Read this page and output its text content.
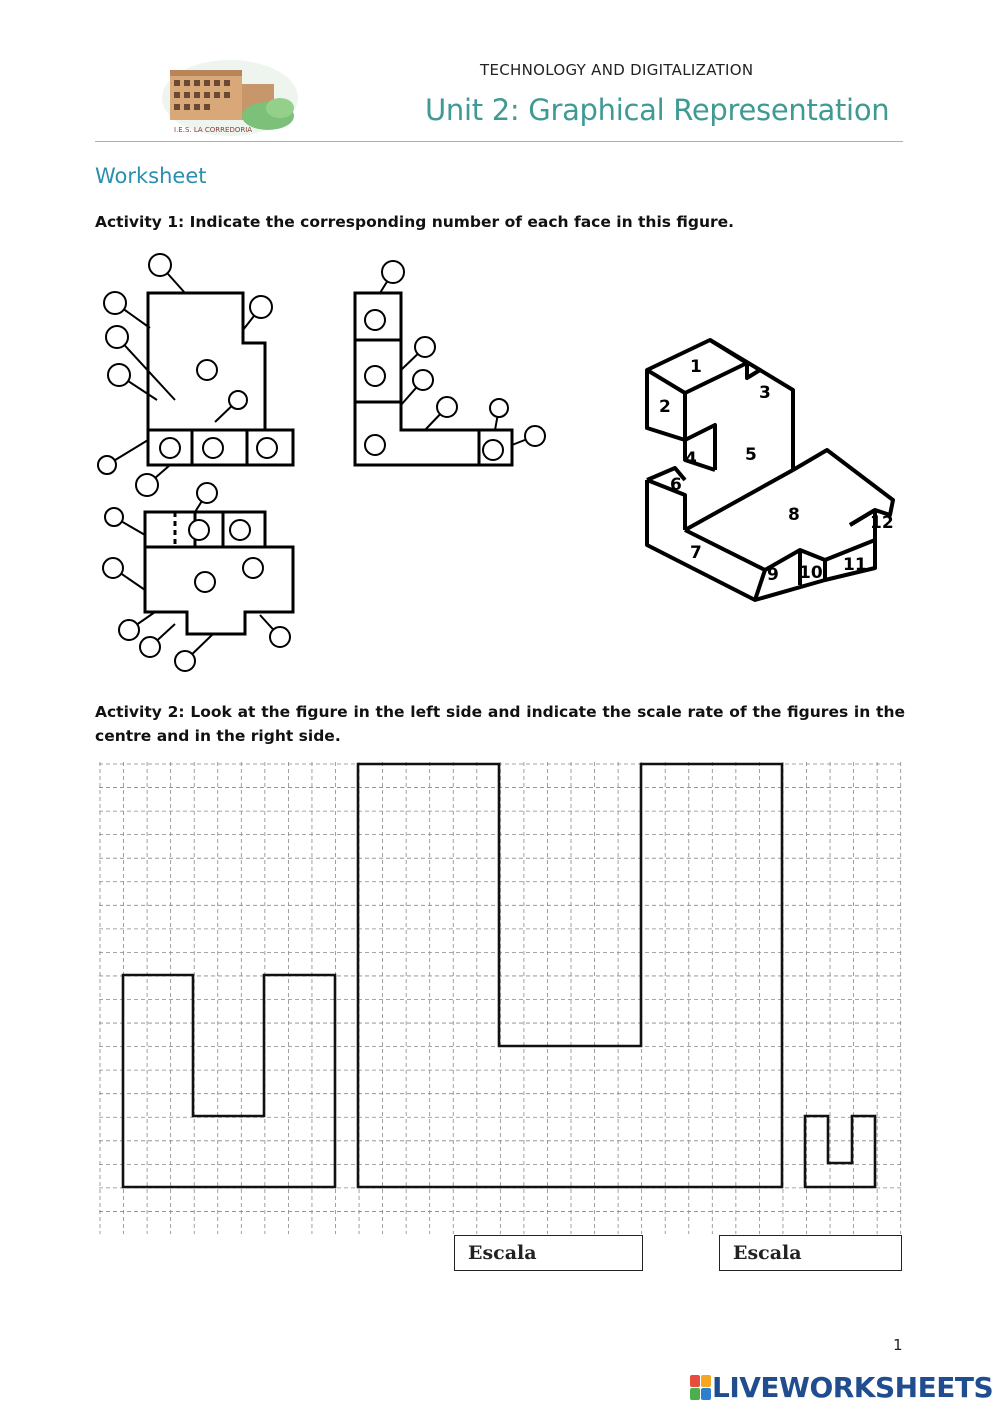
I.E.S. LA CORREDORIA
TECHNOLOGY AND DIGITALIZATION
Unit 2: Graphical Representation
Worksheet
Activity 1: Indicate the corresponding number of each face in this figure.
1
2
3
4	5
6
7
8
9 10 11
12
Activity 2: Look at the figure in the left side and indicate the scale rate of the figures in the centre and in the right side.
Escala	Escala
1
LIVEWORKSHEETS
